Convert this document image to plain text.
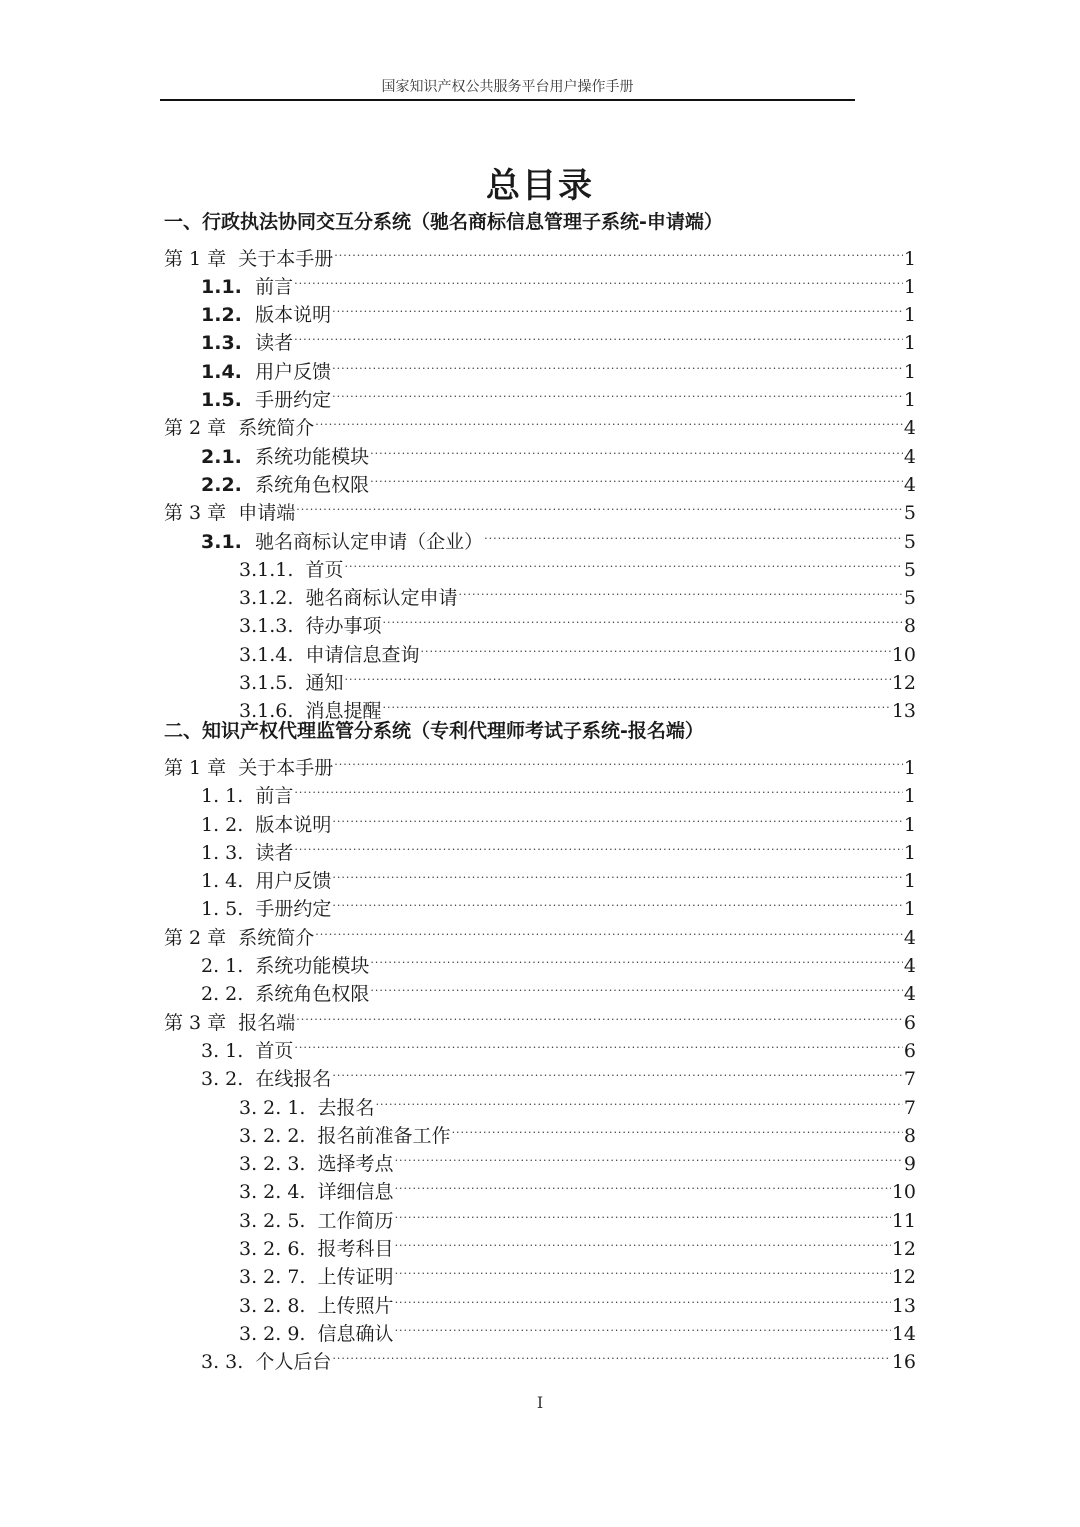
国家知识产权公共服务平台用户操作手册
总目录
一、行政执法协同交互分系统（驰名商标信息管理子系统-申请端）
第 1 章 关于本手册 .....	1
1.1. 前言 .....	1
1.2. 版本说明 .....	1
1.3. 读者 .....	1
1.4. 用户反馈 .....	1
1.5. 手册约定 .....	1
第 2 章 系统简介 .....	4
2.1. 系统功能模块 .....	4
2.2. 系统角色权限 .....	4
第 3 章 申请端 .....	5
3.1. 驰名商标认定申请（企业） .....	5
3.1.1. 首页 .....	5
3.1.2. 驰名商标认定申请 .....	5
3.1.3. 待办事项 .....	8
3.1.4. 申请信息查询 .....	10
3.1.5. 通知 .....	12
3.1.6. 消息提醒 .....	13
二、知识产权代理监管分系统（专利代理师考试子系统-报名端）
第 1 章 关于本手册 .....	1
1. 1. 前言 .....	1
1. 2. 版本说明 .....	1
1. 3. 读者 .....	1
1. 4. 用户反馈 .....	1
1. 5. 手册约定 .....	1
第 2 章 系统简介 .....	4
2. 1. 系统功能模块 .....	4
2. 2. 系统角色权限 .....	4
第 3 章 报名端 .....	6
3. 1. 首页 .....	6
3. 2. 在线报名 .....	7
3. 2. 1. 去报名 .....	7
3. 2. 2. 报名前准备工作 .....	8
3. 2. 3. 选择考点 .....	9
3. 2. 4. 详细信息 .....	10
3. 2. 5. 工作简历 .....	11
3. 2. 6. 报考科目 .....	12
3. 2. 7. 上传证明 .....	12
3. 2. 8. 上传照片 .....	13
3. 2. 9. 信息确认 .....	14
3. 3. 个人后台 .....	16
I
